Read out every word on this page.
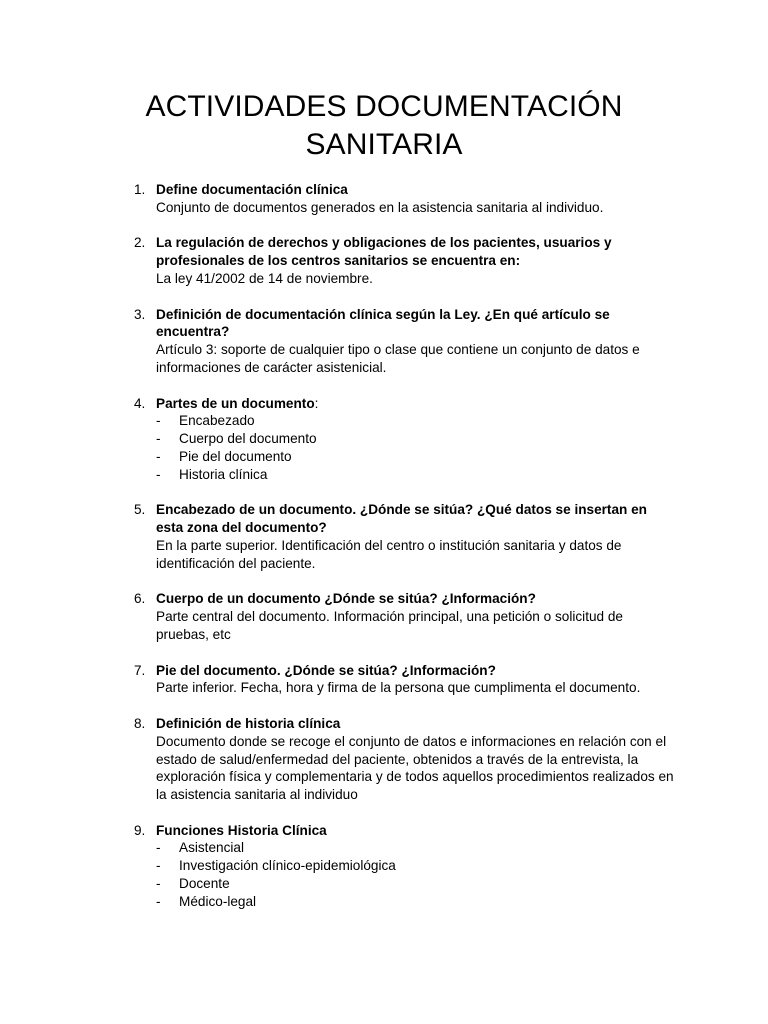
ACTIVIDADES DOCUMENTACIÓN
SANITARIA
1. Define documentación clínica
Conjunto de documentos generados en la asistencia sanitaria al individuo.
2. La regulación de derechos y obligaciones de los pacientes, usuarios y profesionales de los centros sanitarios se encuentra en:
La ley 41/2002 de 14 de noviembre.
3. Definición de documentación clínica según la Ley. ¿En qué artículo se encuentra?
Artículo 3: soporte de cualquier tipo o clase que contiene un conjunto de datos e informaciones de carácter asistenicial.
4. Partes de un documento:
- Encabezado
- Cuerpo del documento
- Pie del documento
- Historia clínica
5. Encabezado de un documento. ¿Dónde se sitúa? ¿Qué datos se insertan en esta zona del documento?
En la parte superior. Identificación del centro o institución sanitaria y datos de identificación del paciente.
6. Cuerpo de un documento ¿Dónde se sitúa? ¿Información?
Parte central del documento. Información principal, una petición o solicitud de pruebas, etc
7. Pie del documento. ¿Dónde se sitúa? ¿Información?
Parte inferior. Fecha, hora y firma de la persona que cumplimenta el documento.
8. Definición de historia clínica
Documento donde se recoge el conjunto de datos e informaciones en relación con el estado de salud/enfermedad del paciente, obtenidos a través de la entrevista, la exploración física y complementaria y de todos aquellos procedimientos realizados en la asistencia sanitaria al individuo
9. Funciones Historia Clínica
- Asistencial
- Investigación clínico-epidemiológica
- Docente
- Médico-legal
